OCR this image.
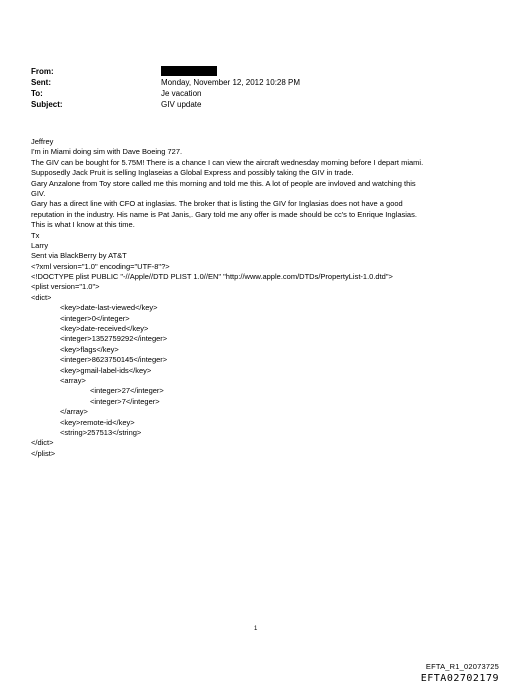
From:
Sent:	Monday, November 12, 2012 10:28 PM
To:	Je vacation
Subject:	GIV update
Jeffrey
I'm in Miami doing sim with Dave Boeing 727.
The GIV can be bought for 5.75M! There is a chance I can view the aircraft wednesday morning before I depart miami.
Supposedly Jack Pruit is selling Inglaseias a Global Express and possibly taking the GIV in trade.
Gary Anzalone from Toy store called me this morning and told me this. A lot of people are invloved and watching this
GIV.
Gary has a direct line with CFO at inglasias. The broker that is listing the GIV for Inglasias does not have a good
reputation in the industry. His name is Pat Janis,. Gary told me any offer is made should be cc's to Enrique Inglasias.
This is what I know at this time.
Tx
Larry
Sent via BlackBerry by AT&T
<?xml version="1.0" encoding="UTF-8"?>
<!DOCTYPE plist PUBLIC "-//Apple//DTD PLIST 1.0//EN" "http://www.apple.com/DTDs/PropertyList-1.0.dtd">
<plist version="1.0">
<dict>
<key>date-last-viewed</key>
<integer>0</integer>
<key>date-received</key>
<integer>1352759292</integer>
<key>flags</key>
<integer>8623750145</integer>
<key>gmail-label-ids</key>
<array>
<integer>27</integer>
<integer>7</integer>
</array>
<key>remote-id</key>
<string>257513</string>
</dict>
</plist>
1
EFTA_R1_02073725
EFTA02702179
